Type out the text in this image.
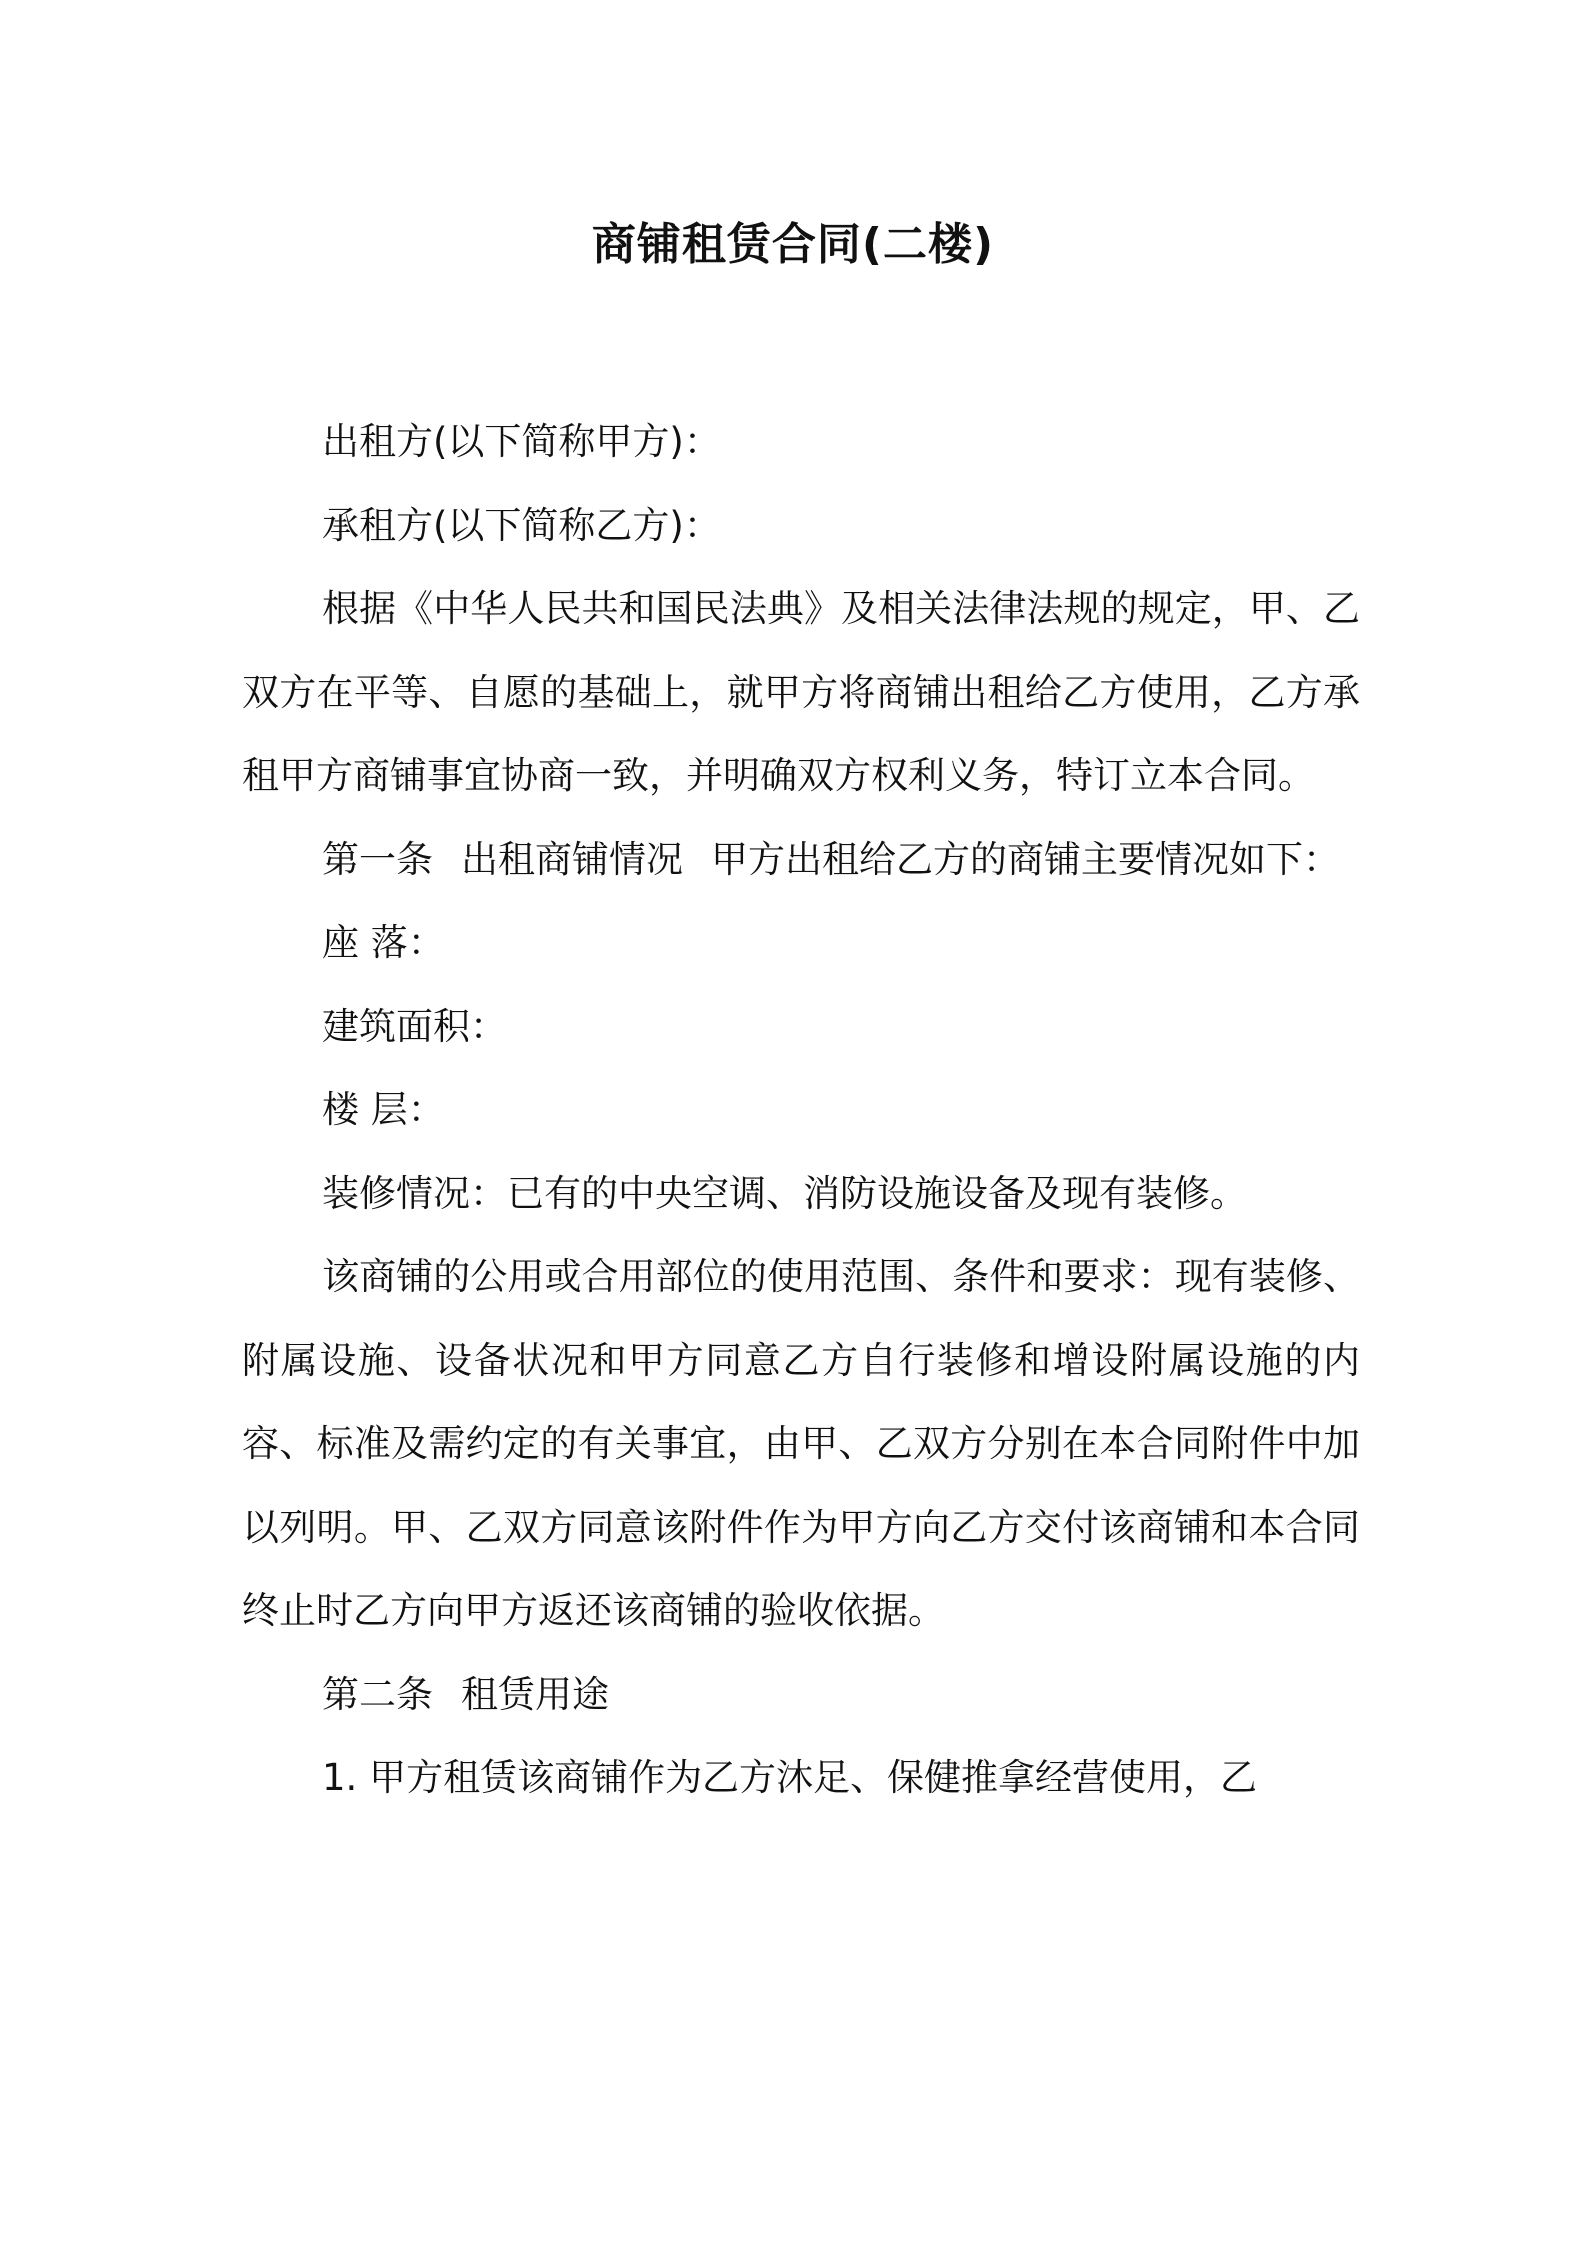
商铺租赁合同(二楼)

出租方(以下简称甲方)：

承租方(以下简称乙方)：

根据《中华人民共和国民法典》及相关法律法规的规定，甲、乙双方在平等、自愿的基础上，就甲方将商铺出租给乙方使用，乙方承租甲方商铺事宜协商一致，并明确双方权利义务，特订立本合同。

第一条 出租商铺情况 甲方出租给乙方的商铺主要情况如下：

座 落：

建筑面积：

楼 层：

装修情况：已有的中央空调、消防设施设备及现有装修。

该商铺的公用或合用部位的使用范围、条件和要求：现有装修、附属设施、设备状况和甲方同意乙方自行装修和增设附属设施的内容、标准及需约定的有关事宜，由甲、乙双方分别在本合同附件中加以列明。甲、乙双方同意该附件作为甲方向乙方交付该商铺和本合同终止时乙方向甲方返还该商铺的验收依据。

第二条 租赁用途

1. 甲方租赁该商铺作为乙方沐足、保健推拿经营使用，乙
